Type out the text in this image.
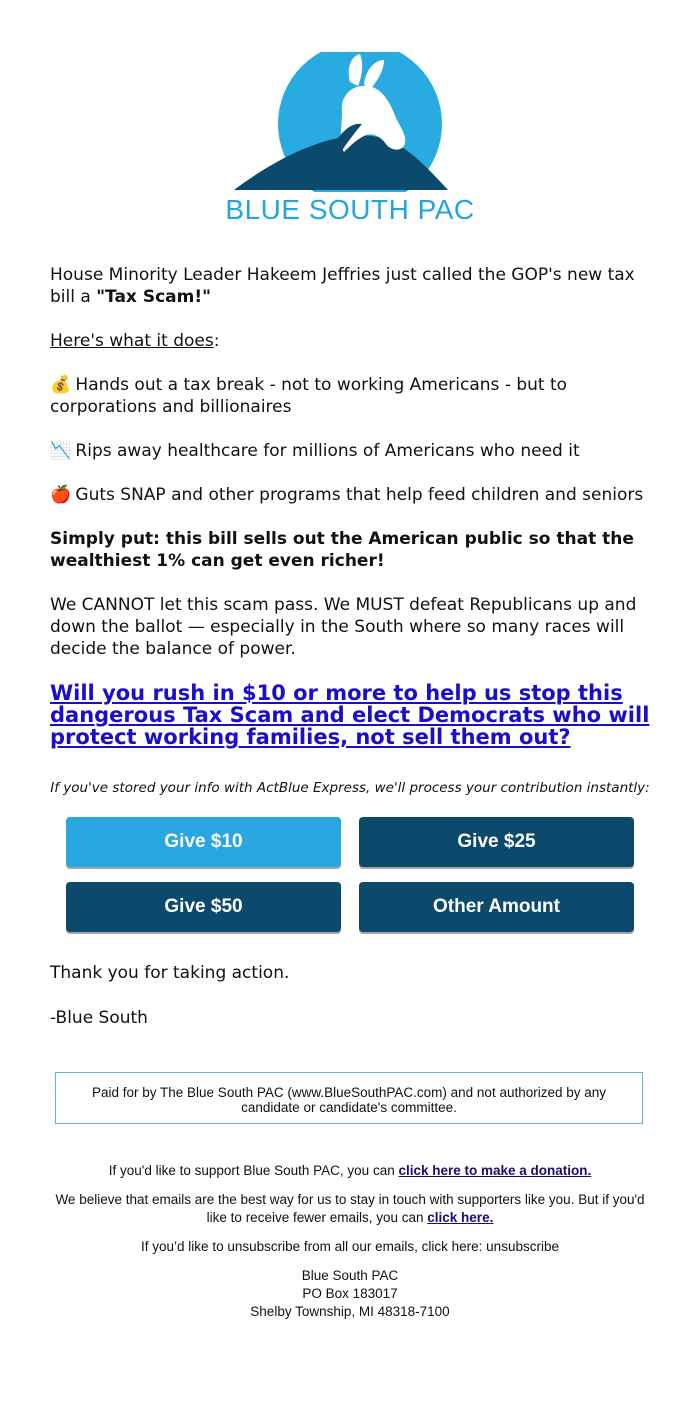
BLUE SOUTH PAC

House Minority Leader Hakeem Jeffries just called the GOP's new tax bill a "Tax Scam!"

Here's what it does:

💰 Hands out a tax break - not to working Americans - but to corporations and billionaires

📉 Rips away healthcare for millions of Americans who need it

🍎 Guts SNAP and other programs that help feed children and seniors

Simply put: this bill sells out the American public so that the wealthiest 1% can get even richer!

We CANNOT let this scam pass. We MUST defeat Republicans up and down the ballot — especially in the South where so many races will decide the balance of power.

Will you rush in $10 or more to help us stop this dangerous Tax Scam and elect Democrats who will protect working families, not sell them out?
If you've stored your info with ActBlue Express, we'll process your contribution instantly:
Give $10	Give $25
Give $50	Other Amount

Thank you for taking action.

-Blue South

Paid for by The Blue South PAC (www.BlueSouthPAC.com) and not authorized by any candidate or candidate's committee.

If you'd like to support Blue South PAC, you can click here to make a donation.

We believe that emails are the best way for us to stay in touch with supporters like you. But if you'd like to receive fewer emails, you can click here.

If you’d like to unsubscribe from all our emails, click here: unsubscribe

Blue South PAC

PO Box 183017

Shelby Township, MI 48318-7100
